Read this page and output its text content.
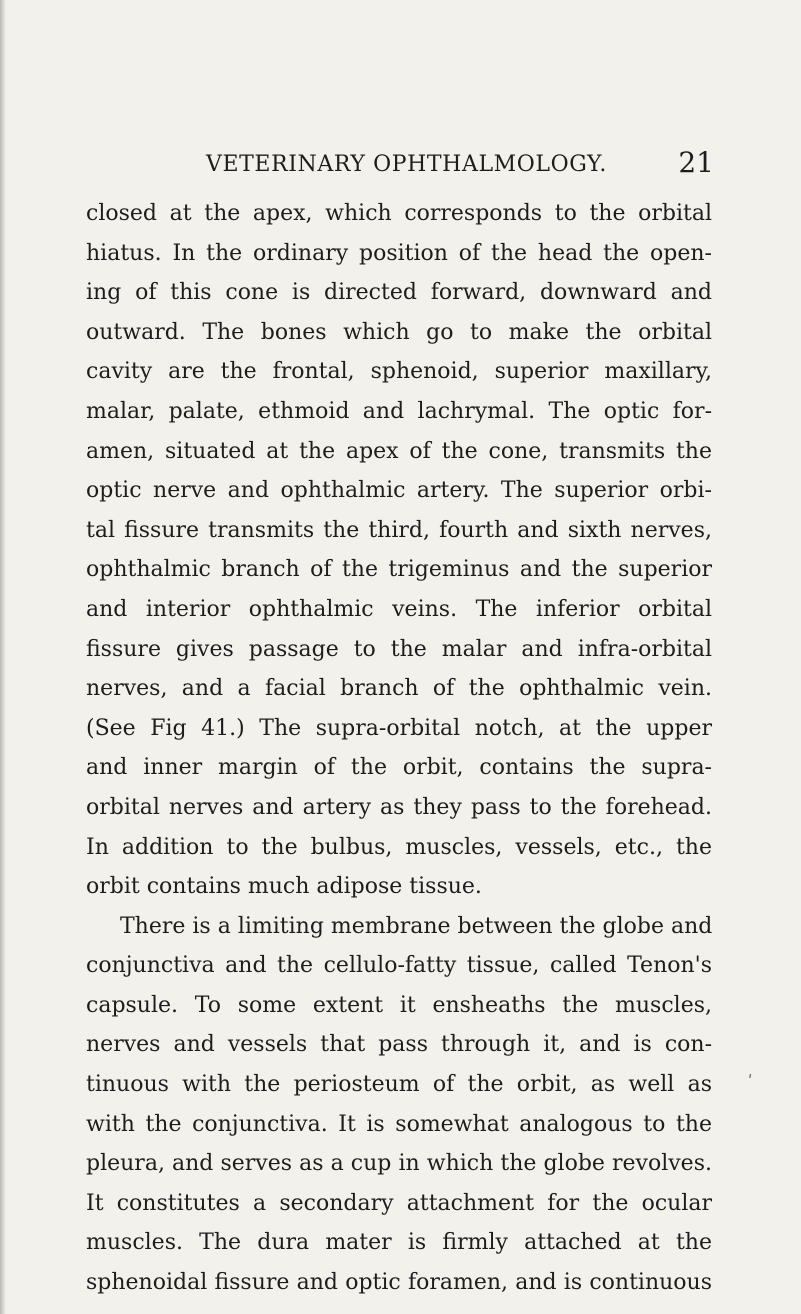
VETERINARY OPHTHALMOLOGY.	21
closed at the apex, which corresponds to the orbital
hiatus. In the ordinary position of the head the open-
ing of this cone is directed forward, downward and
outward. The bones which go to make the orbital
cavity are the frontal, sphenoid, superior maxillary,
malar, palate, ethmoid and lachrymal. The optic for-
amen, situated at the apex of the cone, transmits the
optic nerve and ophthalmic artery. The superior orbi-
tal fissure transmits the third, fourth and sixth nerves,
ophthalmic branch of the trigeminus and the superior
and interior ophthalmic veins. The inferior orbital
fissure gives passage to the malar and infra-orbital
nerves, and a facial branch of the ophthalmic vein.
(See Fig 41.) The supra-orbital notch, at the upper
and inner margin of the orbit, contains the supra-
orbital nerves and artery as they pass to the forehead.
In addition to the bulbus, muscles, vessels, etc., the
orbit contains much adipose tissue.
There is a limiting membrane between the globe and
conjunctiva and the cellulo-fatty tissue, called Tenon's
capsule. To some extent it ensheaths the muscles,
nerves and vessels that pass through it, and is con-
tinuous with the periosteum of the orbit, as well as
with the conjunctiva. It is somewhat analogous to the
pleura, and serves as a cup in which the globe revolves.
It constitutes a secondary attachment for the ocular
muscles. The dura mater is firmly attached at the
sphenoidal fissure and optic foramen, and is continuous
ʹ
